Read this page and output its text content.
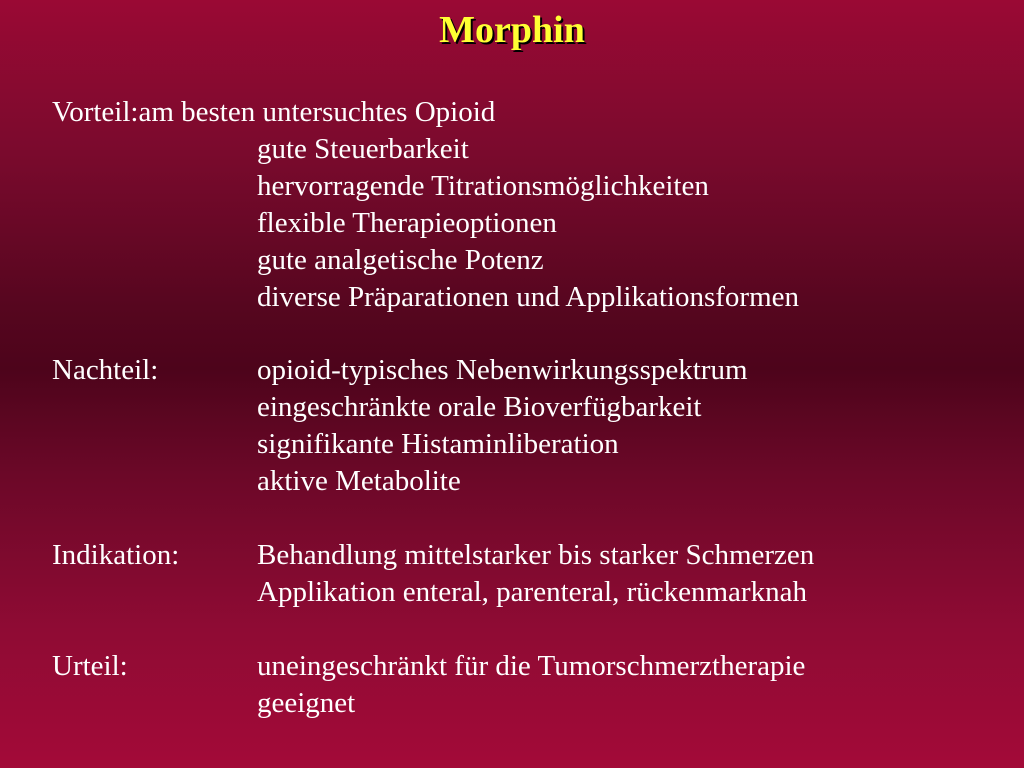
Morphin
Vorteil:am besten untersuchtes Opioid
gute Steuerbarkeit
hervorragende Titrationsmöglichkeiten
flexible Therapieoptionen
gute analgetische Potenz
diverse Präparationen und Applikationsformen
Nachteil:	opioid-typisches Nebenwirkungsspektrum
eingeschränkte orale Bioverfügbarkeit
signifikante Histaminliberation
aktive Metabolite
Indikation:	Behandlung mittelstarker bis starker Schmerzen
Applikation enteral, parenteral, rückenmarknah
Urteil:	uneingeschränkt für die Tumorschmerztherapie
geeignet
